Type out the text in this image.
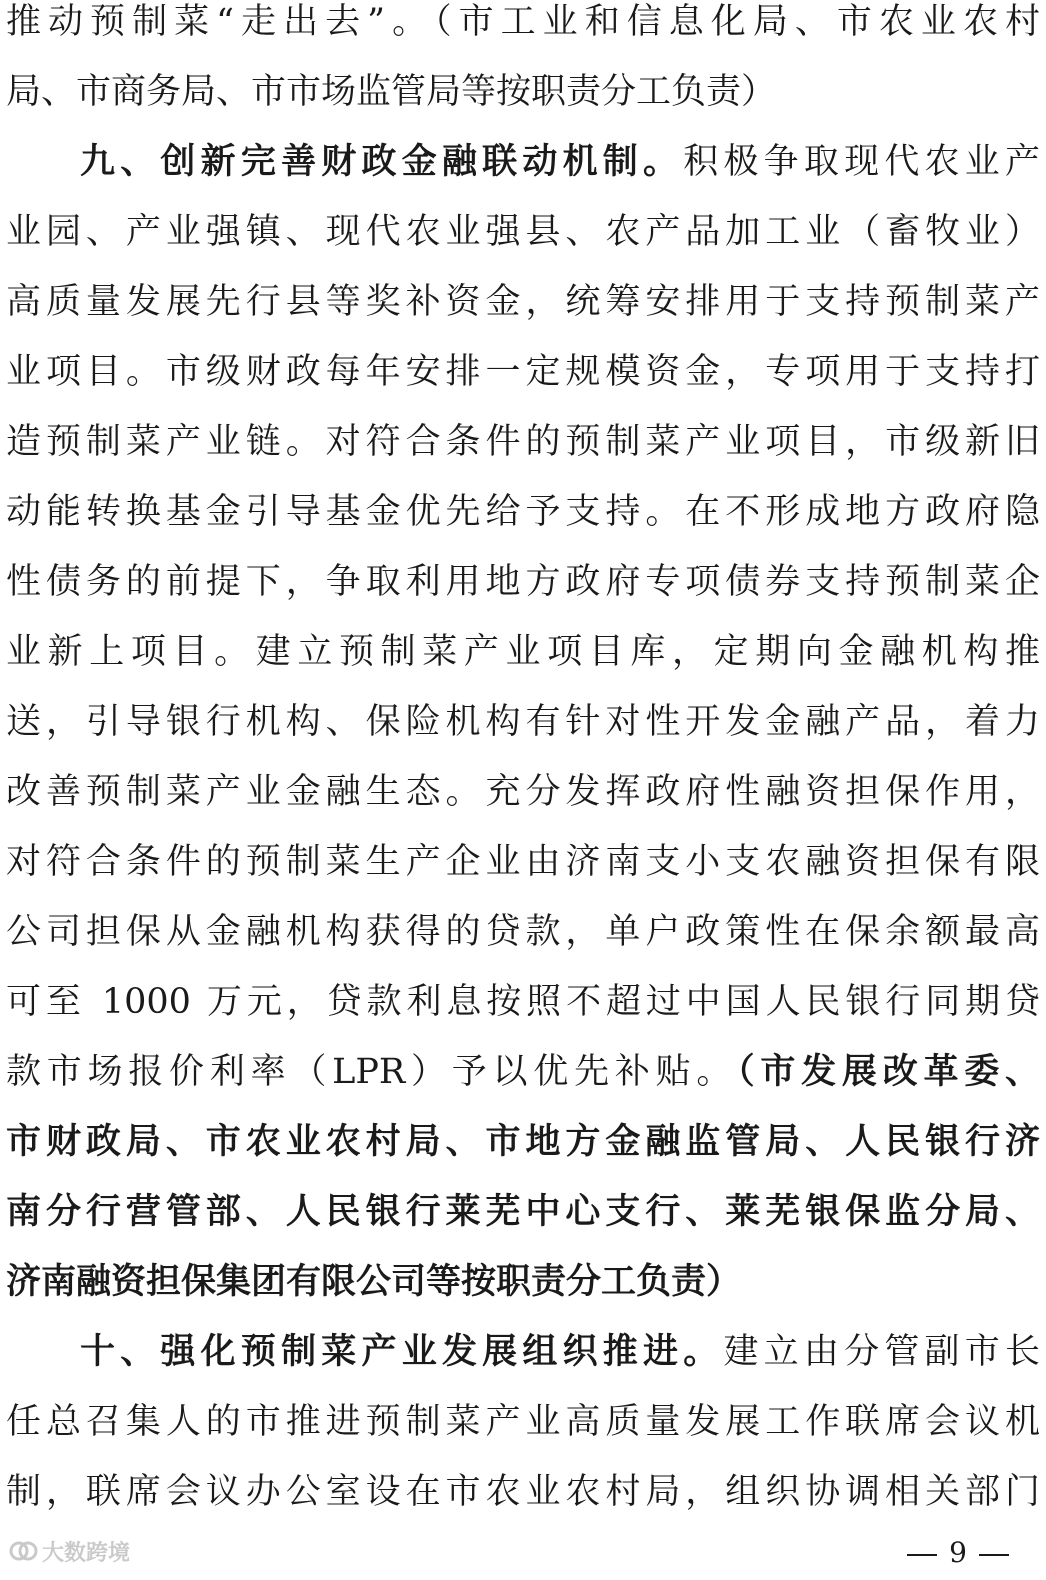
推动预制菜“走出去”。（市工业和信息化局、市农业农村
局、市商务局、市市场监管局等按职责分工负责）
九、创新完善财政金融联动机制。积极争取现代农业产
业园、产业强镇、现代农业强县、农产品加工业（畜牧业）
高质量发展先行县等奖补资金，统筹安排用于支持预制菜产
业项目。市级财政每年安排一定规模资金，专项用于支持打
造预制菜产业链。对符合条件的预制菜产业项目，市级新旧
动能转换基金引导基金优先给予支持。在不形成地方政府隐
性债务的前提下，争取利用地方政府专项债券支持预制菜企
业新上项目。建立预制菜产业项目库，定期向金融机构推
送，引导银行机构、保险机构有针对性开发金融产品，着力
改善预制菜产业金融生态。充分发挥政府性融资担保作用，
对符合条件的预制菜生产企业由济南支小支农融资担保有限
公司担保从金融机构获得的贷款，单户政策性在保余额最高
可至 1000 万元，贷款利息按照不超过中国人民银行同期贷
款市场报价利率（LPR）予以优先补贴。（市发展改革委、
市财政局、市农业农村局、市地方金融监管局、人民银行济
南分行营管部、人民银行莱芜中心支行、莱芜银保监分局、
济南融资担保集团有限公司等按职责分工负责）
十、强化预制菜产业发展组织推进。建立由分管副市长
任总召集人的市推进预制菜产业高质量发展工作联席会议机
制，联席会议办公室设在市农业农村局，组织协调相关部门
大数跨境	9
